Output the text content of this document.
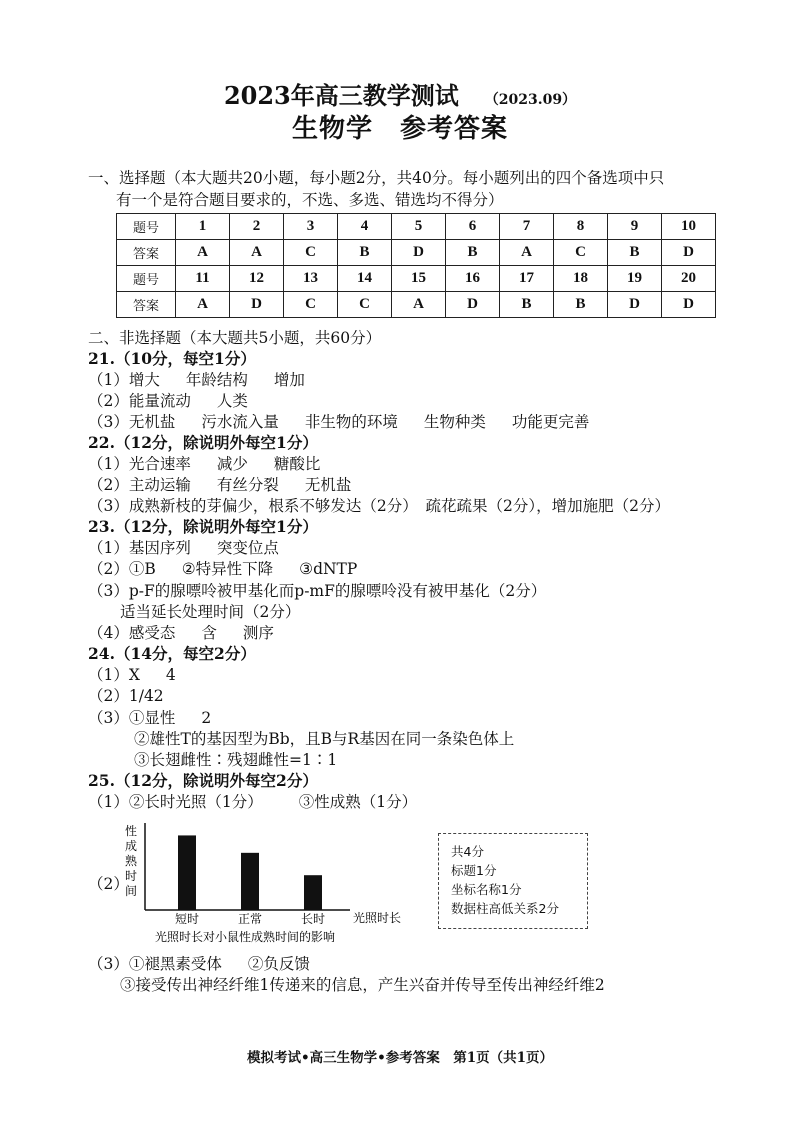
2023年高三教学测试 （2023.09）
生物学　参考答案
一、选择题（本大题共20小题，每小题2分，共40分。每小题列出的四个备选项中只
有一个是符合题目要求的，不选、多选、错选均不得分）
题号	1	2	3	4	5	6	7	8	9	10
答案	A	A	C	B	D	B	A	C	B	D
题号	11	12	13	14	15	16	17	18	19	20
答案	A	D	C	C	A	D	B	B	D	D
二、非选择题（本大题共5小题，共60分）
21.（10分，每空1分）
（1）增大 年龄结构 增加
（2）能量流动 人类
（3）无机盐 污水流入量 非生物的环境 生物种类 功能更完善
22.（12分，除说明外每空1分）
（1）光合速率 减少 糖酸比
（2）主动运输 有丝分裂 无机盐
（3）成熟新枝的芽偏少，根系不够发达（2分）　疏花疏果（2分），增加施肥（2分）
23.（12分，除说明外每空1分）
（1）基因序列 突变位点
（2）①B ②特异性下降 ③dNTP
（3）p-F的腺嘌呤被甲基化而p-mF的腺嘌呤没有被甲基化（2分）
适当延长处理时间（2分）
（4）感受态 含 测序
24.（14分，每空2分）
（1）X 4
（2）1/42
（3）①显性 2
②雄性T的基因型为Bb，且B与R基因在同一条染色体上
③长翅雌性∶残翅雌性=1∶1
25.（12分，除说明外每空2分）
（1）②长时光照（1分） ③性成熟（1分）
（2）
性
成
熟
时
间
短时	正常	长时 光照时长
光照时长对小鼠性成熟时间的影响
共4分
标题1分
坐标名称1分
数据柱高低关系2分
（3）①褪黑素受体 ②负反馈
③接受传出神经纤维1传递来的信息，产生兴奋并传导至传出神经纤维2
模拟考试•高三生物学•参考答案　第1页（共1页）
